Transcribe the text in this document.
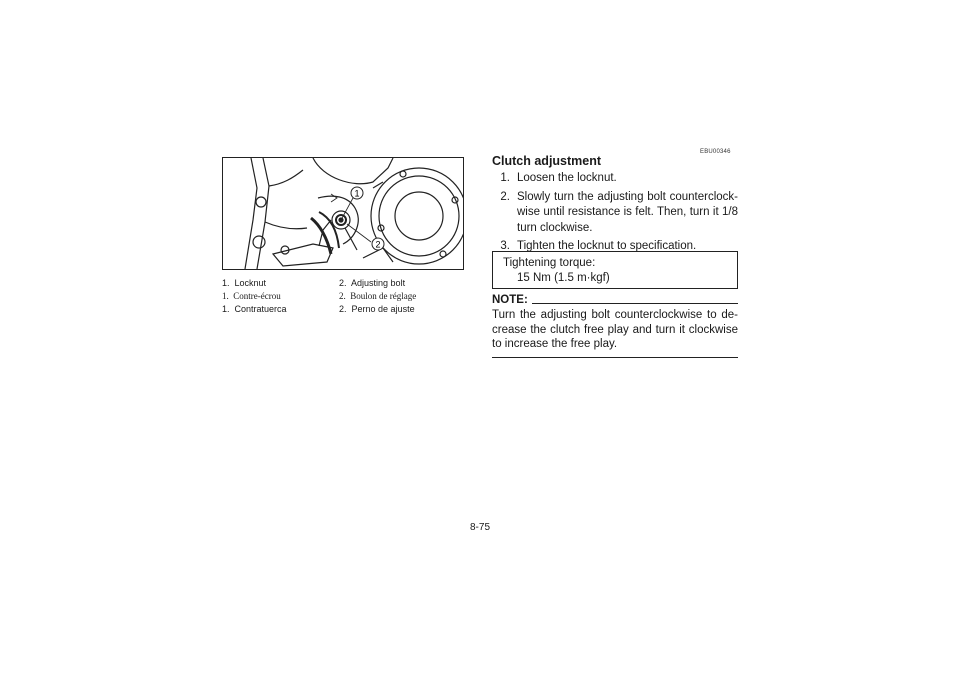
1
2
1. Locknut	2. Adjusting bolt
1. Contre-écrou	2. Boulon de réglage
1. Contratuerca	2. Perno de ajuste
EBU00346
Clutch adjustment
1. Loosen the locknut.
2. Slowly turn the adjusting bolt counterclock-wise until resistance is felt. Then, turn it 1/8 turn clockwise.
3. Tighten the locknut to specification.
Tightening torque:
15 Nm (1.5 m·kgf)
NOTE:
Turn the adjusting bolt counterclockwise to de-crease the clutch free play and turn it clockwise to increase the free play.
8-75
